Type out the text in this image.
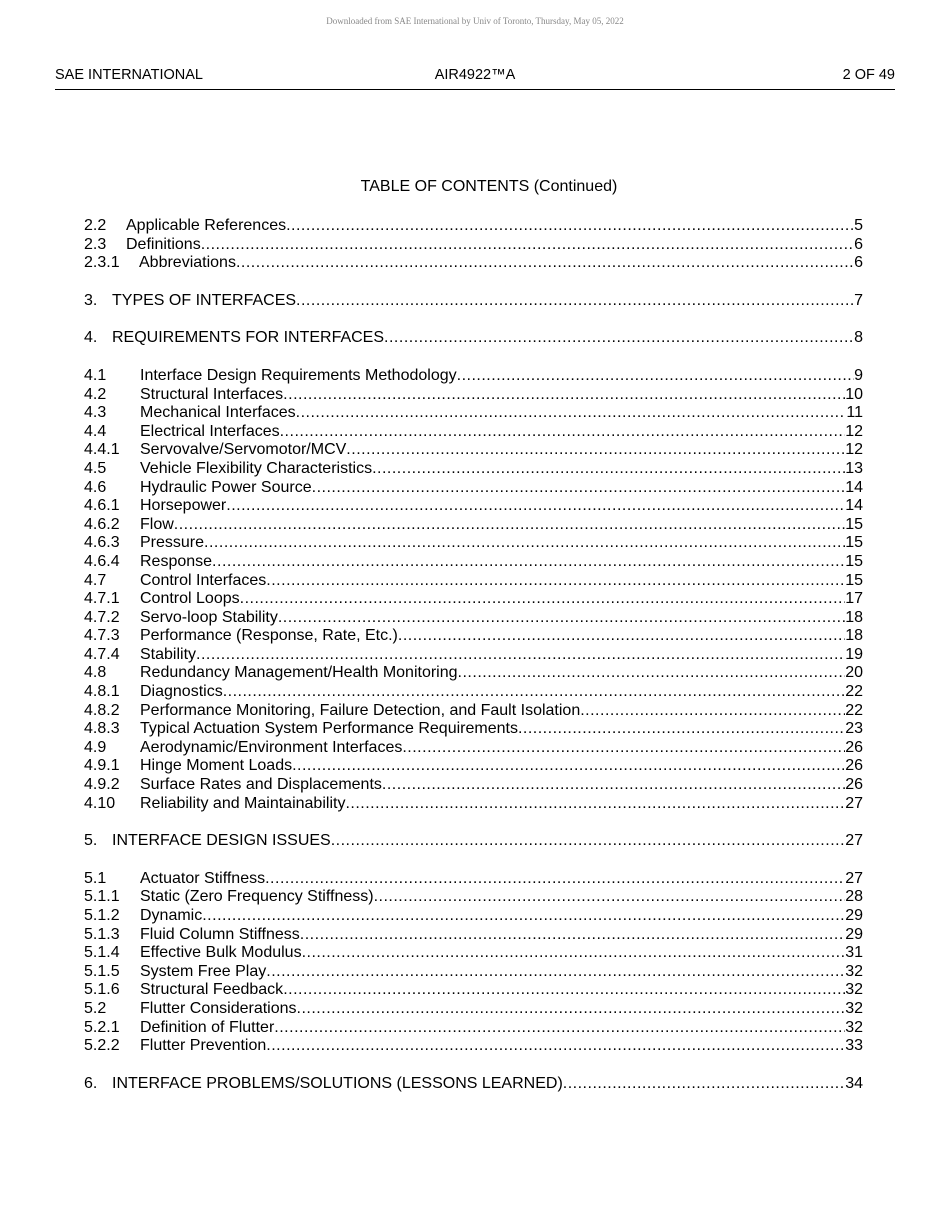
Downloaded from SAE International by Univ of Toronto, Thursday, May 05, 2022
SAE INTERNATIONAL	AIR4922™A	2 OF 49
TABLE OF CONTENTS (Continued)
2.2	Applicable References .....	5
2.3	Definitions .....	6
2.3.1	Abbreviations .....	6
3. TYPES OF INTERFACES .....	7
4. REQUIREMENTS FOR INTERFACES .....	8
4.1	Interface Design Requirements Methodology .....	9
4.2	Structural Interfaces .....	10
4.3	Mechanical Interfaces .....	11
4.4	Electrical Interfaces .....	12
4.4.1	Servovalve/Servomotor/MCV .....	12
4.5	Vehicle Flexibility Characteristics .....	13
4.6	Hydraulic Power Source .....	14
4.6.1	Horsepower .....	14
4.6.2	Flow .....	15
4.6.3	Pressure .....	15
4.6.4	Response .....	15
4.7	Control Interfaces .....	15
4.7.1	Control Loops .....	17
4.7.2	Servo-loop Stability .....	18
4.7.3	Performance (Response, Rate, Etc.) .....	18
4.7.4	Stability .....	19
4.8	Redundancy Management/Health Monitoring .....	20
4.8.1	Diagnostics .....	22
4.8.2	Performance Monitoring, Failure Detection, and Fault Isolation .....	22
4.8.3	Typical Actuation System Performance Requirements .....	23
4.9	Aerodynamic/Environment Interfaces .....	26
4.9.1	Hinge Moment Loads .....	26
4.9.2	Surface Rates and Displacements .....	26
4.10	Reliability and Maintainability .....	27
5. INTERFACE DESIGN ISSUES .....	27
5.1	Actuator Stiffness .....	27
5.1.1	Static (Zero Frequency Stiffness) .....	28
5.1.2	Dynamic .....	29
5.1.3	Fluid Column Stiffness .....	29
5.1.4	Effective Bulk Modulus .....	31
5.1.5	System Free Play .....	32
5.1.6	Structural Feedback .....	32
5.2	Flutter Considerations .....	32
5.2.1	Definition of Flutter .....	32
5.2.2	Flutter Prevention .....	33
6. INTERFACE PROBLEMS/SOLUTIONS (LESSONS LEARNED) .....	34
